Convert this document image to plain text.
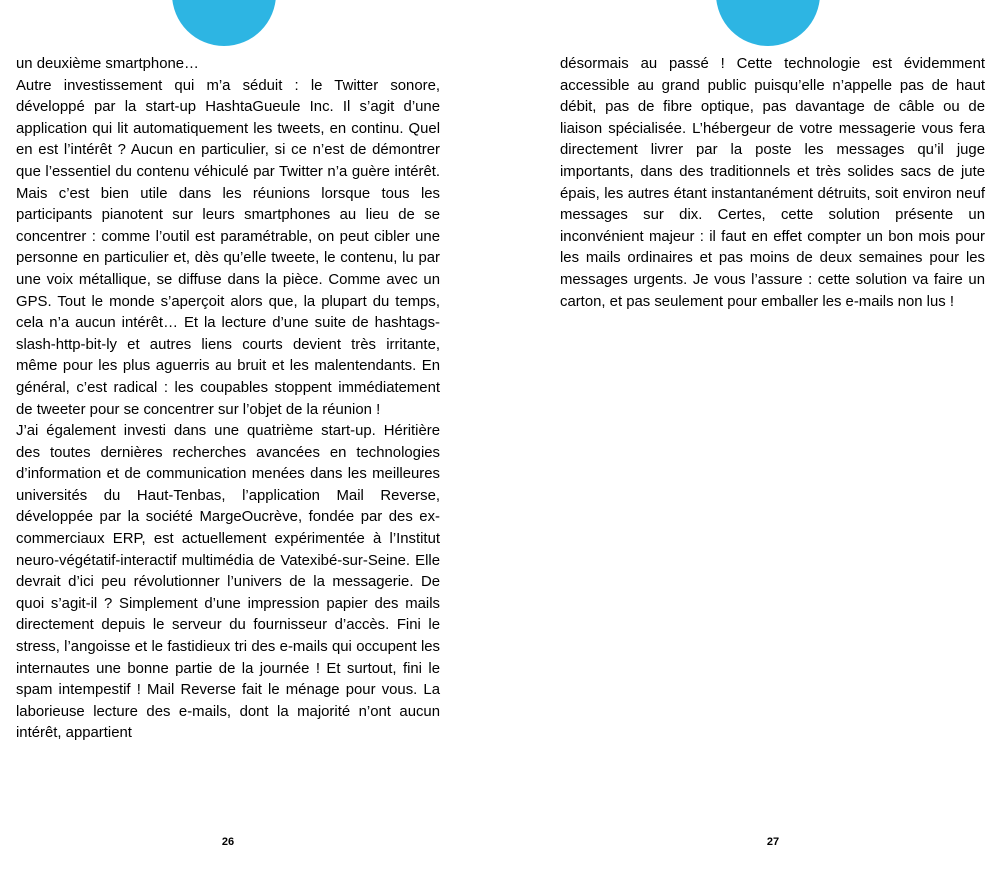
un deuxième smartphone…

Autre investissement qui m’a séduit : le Twitter sonore, développé par la start-up HashtaGueule Inc. Il s’agit d’une application qui lit automatiquement les tweets, en continu. Quel en est l’intérêt ? Aucun en particulier, si ce n’est de démontrer que l’essentiel du contenu véhiculé par Twitter n’a guère intérêt. Mais c’est bien utile dans les réunions lorsque tous les participants pianotent sur leurs smartphones au lieu de se concentrer : comme l’outil est paramétrable, on peut cibler une personne en particulier et, dès qu’elle tweete, le contenu, lu par une voix métallique, se diffuse dans la pièce. Comme avec un GPS. Tout le monde s’aperçoit alors que, la plupart du temps, cela n’a aucun intérêt… Et la lecture d’une suite de hashtags-slash-http-bit-ly et autres liens courts devient très irritante, même pour les plus aguerris au bruit et les malentendants. En général, c’est radical : les coupables stoppent immédiatement de tweeter pour se concentrer sur l’objet de la réunion !

J’ai également investi dans une quatrième start-up. Héritière des toutes dernières recherches avancées en technologies d’information et de communication menées dans les meilleures universités du Haut-Tenbas, l’application Mail Reverse, développée par la société MargeOucrève, fondée par des ex-commerciaux ERP, est actuellement expérimentée à l’Institut neuro-végétatif-interactif multimédia de Vatexibé-sur-Seine. Elle devrait d’ici peu révolutionner l’univers de la messagerie. De quoi s’agit-il ? Simplement d’une impression papier des mails directement depuis le serveur du fournisseur d’accès. Fini le stress, l’angoisse et le fastidieux tri des e-mails qui occupent les internautes une bonne partie de la journée ! Et surtout, fini le spam intempestif ! Mail Reverse fait le ménage pour vous. La laborieuse lecture des e-mails, dont la majorité n’ont aucun intérêt, appartient

26

désormais au passé ! Cette technologie est évidemment accessible au grand public puisqu’elle n’appelle pas de haut débit, pas de fibre optique, pas davantage de câble ou de liaison spécialisée. L’hébergeur de votre messagerie vous fera directement livrer par la poste les messages qu’il juge importants, dans des traditionnels et très solides sacs de jute épais, les autres étant instantanément détruits, soit environ neuf messages sur dix. Certes, cette solution présente un inconvénient majeur : il faut en effet compter un bon mois pour les mails ordinaires et pas moins de deux semaines pour les messages urgents. Je vous l’assure : cette solution va faire un carton, et pas seulement pour emballer les e-mails non lus !

27
